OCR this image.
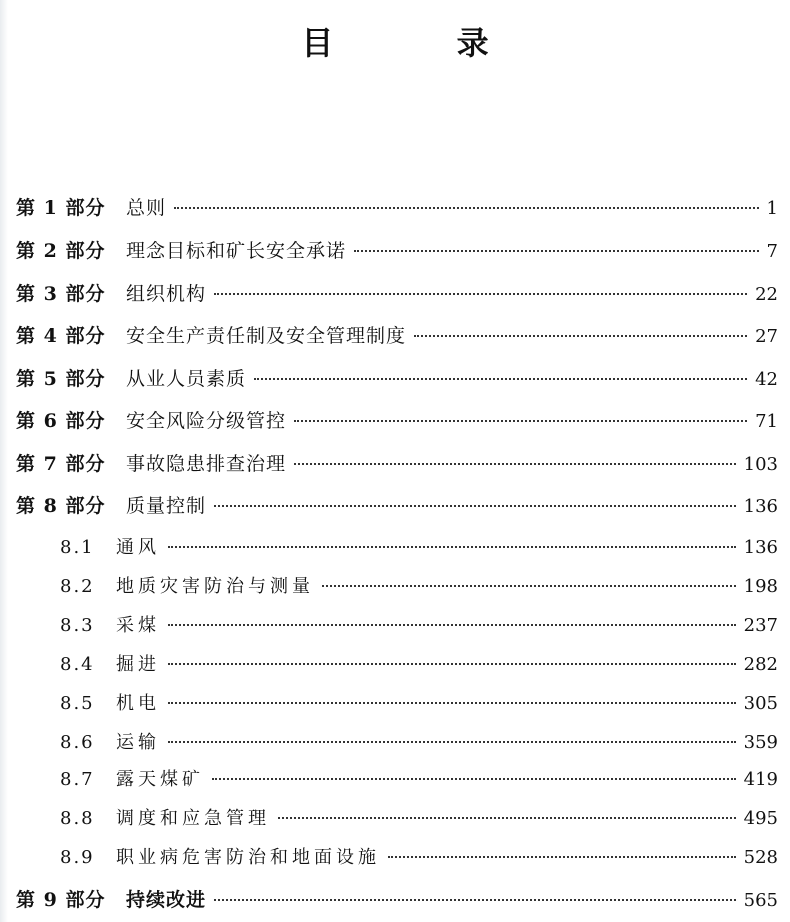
目 录
第 1 部分	总则	1
第 2 部分	理念目标和矿长安全承诺	7
第 3 部分	组织机构	22
第 4 部分	安全生产责任制及安全管理制度	27
第 5 部分	从业人员素质	42
第 6 部分	安全风险分级管控	71
第 7 部分	事故隐患排查治理	103
第 8 部分	质量控制	136
8.1	通风	136
8.2	地质灾害防治与测量	198
8.3	采煤	237
8.4	掘进	282
8.5	机电	305
8.6	运输	359
8.7	露天煤矿	419
8.8	调度和应急管理	495
8.9	职业病危害防治和地面设施	528
第 9 部分	持续改进	565
